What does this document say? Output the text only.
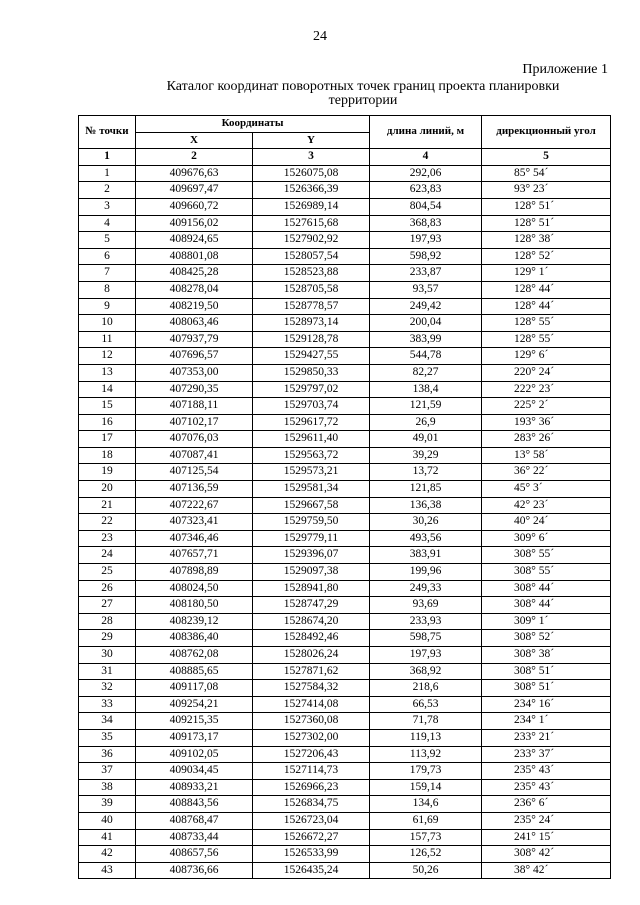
24
Приложение 1
Каталог координат поворотных точек границ проекта планировки
территории
№ точки	Координаты		длина линий, м	дирекционный угол
	X	Y		
1	2	3	4	5
1	409676,63	1526075,08	292,06	85° 54´
2	409697,47	1526366,39	623,83	93° 23´
3	409660,72	1526989,14	804,54	128° 51´
4	409156,02	1527615,68	368,83	128° 51´
5	408924,65	1527902,92	197,93	128° 38´
6	408801,08	1528057,54	598,92	128° 52´
7	408425,28	1528523,88	233,87	129° 1´
8	408278,04	1528705,58	93,57	128° 44´
9	408219,50	1528778,57	249,42	128° 44´
10	408063,46	1528973,14	200,04	128° 55´
11	407937,79	1529128,78	383,99	128° 55´
12	407696,57	1529427,55	544,78	129° 6´
13	407353,00	1529850,33	82,27	220° 24´
14	407290,35	1529797,02	138,4	222° 23´
15	407188,11	1529703,74	121,59	225° 2´
16	407102,17	1529617,72	26,9	193° 36´
17	407076,03	1529611,40	49,01	283° 26´
18	407087,41	1529563,72	39,29	13° 58´
19	407125,54	1529573,21	13,72	36° 22´
20	407136,59	1529581,34	121,85	45° 3´
21	407222,67	1529667,58	136,38	42° 23´
22	407323,41	1529759,50	30,26	40° 24´
23	407346,46	1529779,11	493,56	309° 6´
24	407657,71	1529396,07	383,91	308° 55´
25	407898,89	1529097,38	199,96	308° 55´
26	408024,50	1528941,80	249,33	308° 44´
27	408180,50	1528747,29	93,69	308° 44´
28	408239,12	1528674,20	233,93	309° 1´
29	408386,40	1528492,46	598,75	308° 52´
30	408762,08	1528026,24	197,93	308° 38´
31	408885,65	1527871,62	368,92	308° 51´
32	409117,08	1527584,32	218,6	308° 51´
33	409254,21	1527414,08	66,53	234° 16´
34	409215,35	1527360,08	71,78	234° 1´
35	409173,17	1527302,00	119,13	233° 21´
36	409102,05	1527206,43	113,92	233° 37´
37	409034,45	1527114,73	179,73	235° 43´
38	408933,21	1526966,23	159,14	235° 43´
39	408843,56	1526834,75	134,6	236° 6´
40	408768,47	1526723,04	61,69	235° 24´
41	408733,44	1526672,27	157,73	241° 15´
42	408657,56	1526533,99	126,52	308° 42´
43	408736,66	1526435,24	50,26	38° 42´
